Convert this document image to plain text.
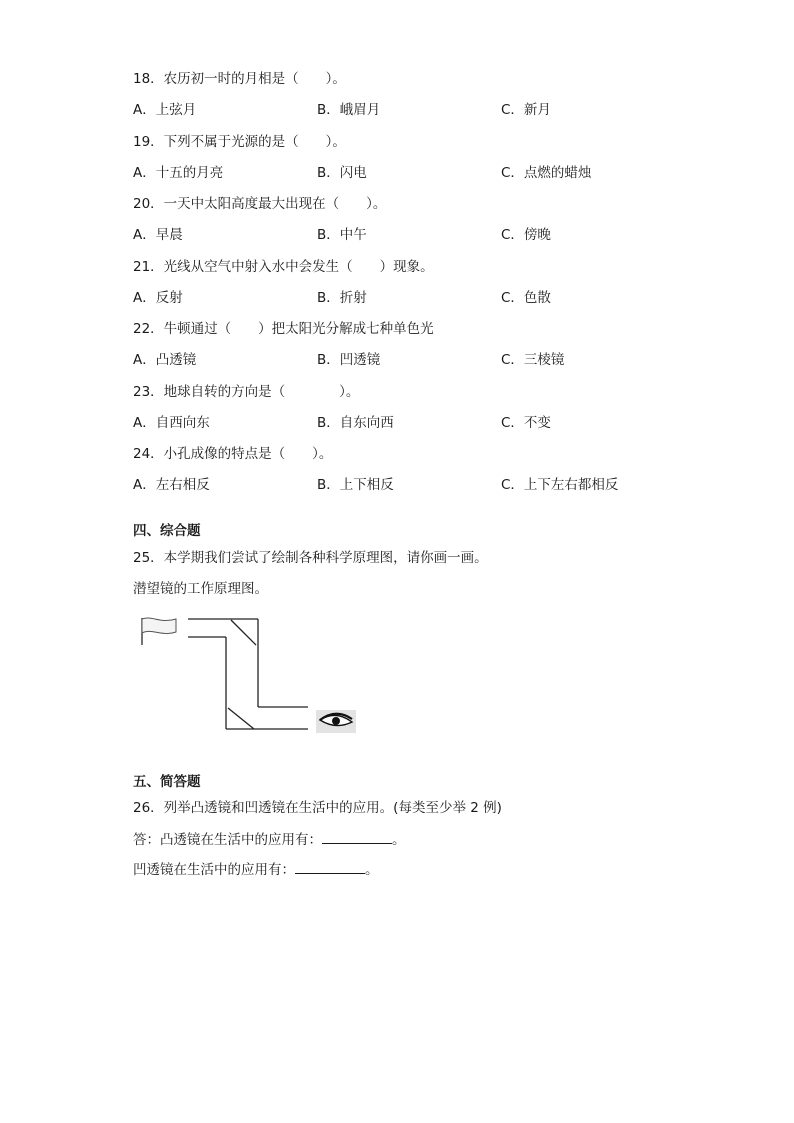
18．农历初一时的月相是（　　）。
A．上弦月	B．峨眉月	C．新月
19．下列不属于光源的是（　　）。
A．十五的月亮	B．闪电	C．点燃的蜡烛
20．一天中太阳高度最大出现在（　　）。
A．早晨	B．中午	C．傍晚
21．光线从空气中射入水中会发生（　　）现象。
A．反射	B．折射	C．色散
22．牛顿通过（　　）把太阳光分解成七种单色光
A．凸透镜	B．凹透镜	C．三棱镜
23．地球自转的方向是（　　　　）。
A．自西向东	B．自东向西	C．不变
24．小孔成像的特点是（　　）。
A．左右相反	B．上下相反	C．上下左右都相反
四、综合题
25．本学期我们尝试了绘制各种科学原理图，请你画一画。
潜望镜的工作原理图。
五、简答题
26．列举凸透镜和凹透镜在生活中的应用。(每类至少举 2 例)
答：凸透镜在生活中的应用有：	。
凹透镜在生活中的应用有：	。
